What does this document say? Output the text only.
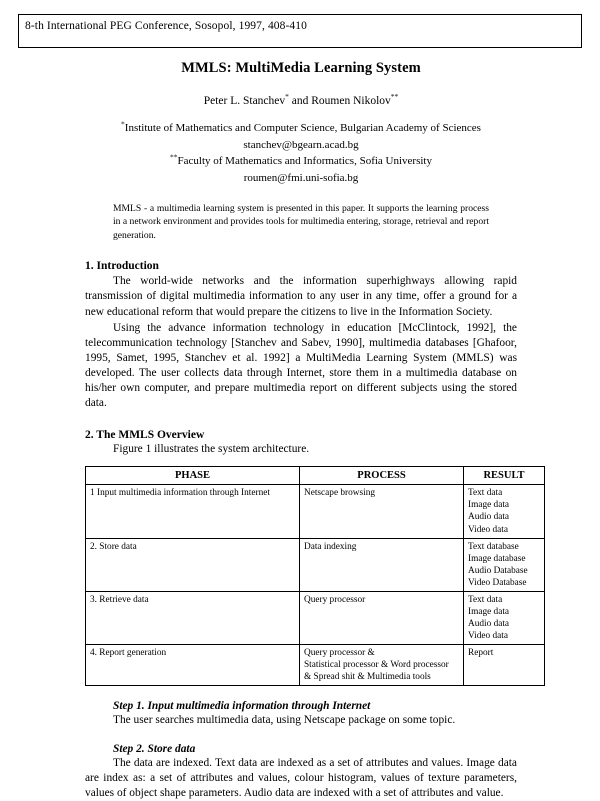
8-th International PEG Conference, Sosopol, 1997, 408-410
MMLS: MultiMedia Learning System
Peter L. Stanchev* and Roumen Nikolov**
*Institute of Mathematics and Computer Science, Bulgarian Academy of Sciences
stanchev@bgearn.acad.bg
**Faculty of Mathematics and Informatics, Sofia University
roumen@fmi.uni-sofia.bg
MMLS - a multimedia learning system is presented in this paper. It supports the learning process in a network environment and provides tools for multimedia entering, storage, retrieval and report generation.
1. Introduction

The world-wide networks and the information superhighways allowing rapid transmission of digital multimedia information to any user in any time, offer a ground for a new educational reform that would prepare the citizens to live in the Information Society.

Using the advance information technology in education [McClintock, 1992], the telecommunication technology [Stanchev and Sabev, 1990], multimedia databases [Ghafoor, 1995, Samet, 1995, Stanchev et al. 1992] a MultiMedia Learning System (MMLS) was developed. The user collects data through Internet, store them in a multimedia database on his/her own computer, and prepare multimedia report on different subjects using the stored data.

2. The MMLS Overview

Figure 1 illustrates the system architecture.

PHASE	PROCESS	RESULT
1 Input multimedia information through Internet	Netscape browsing	Text data
Image data
Audio data
Video data

2. Store data	Data indexing	Text database
Image database
Audio Database
Video Database

3. Retrieve data	Query processor	Text data
Image data
Audio data
Video data

4. Report generation	Query processor &
Statistical processor & Word processor
& Spread shit & Multimedia tools	Report
Step 1. Input multimedia information through Internet

The user searches multimedia data, using Netscape package on some topic.

Step 2. Store data

The data are indexed. Text data are indexed as a set of attributes and values. Image data are index as: a set of attributes and values, colour histogram, values of texture parameters, values of object shape parameters. Audio data are indexed with a set of attributes and value.
